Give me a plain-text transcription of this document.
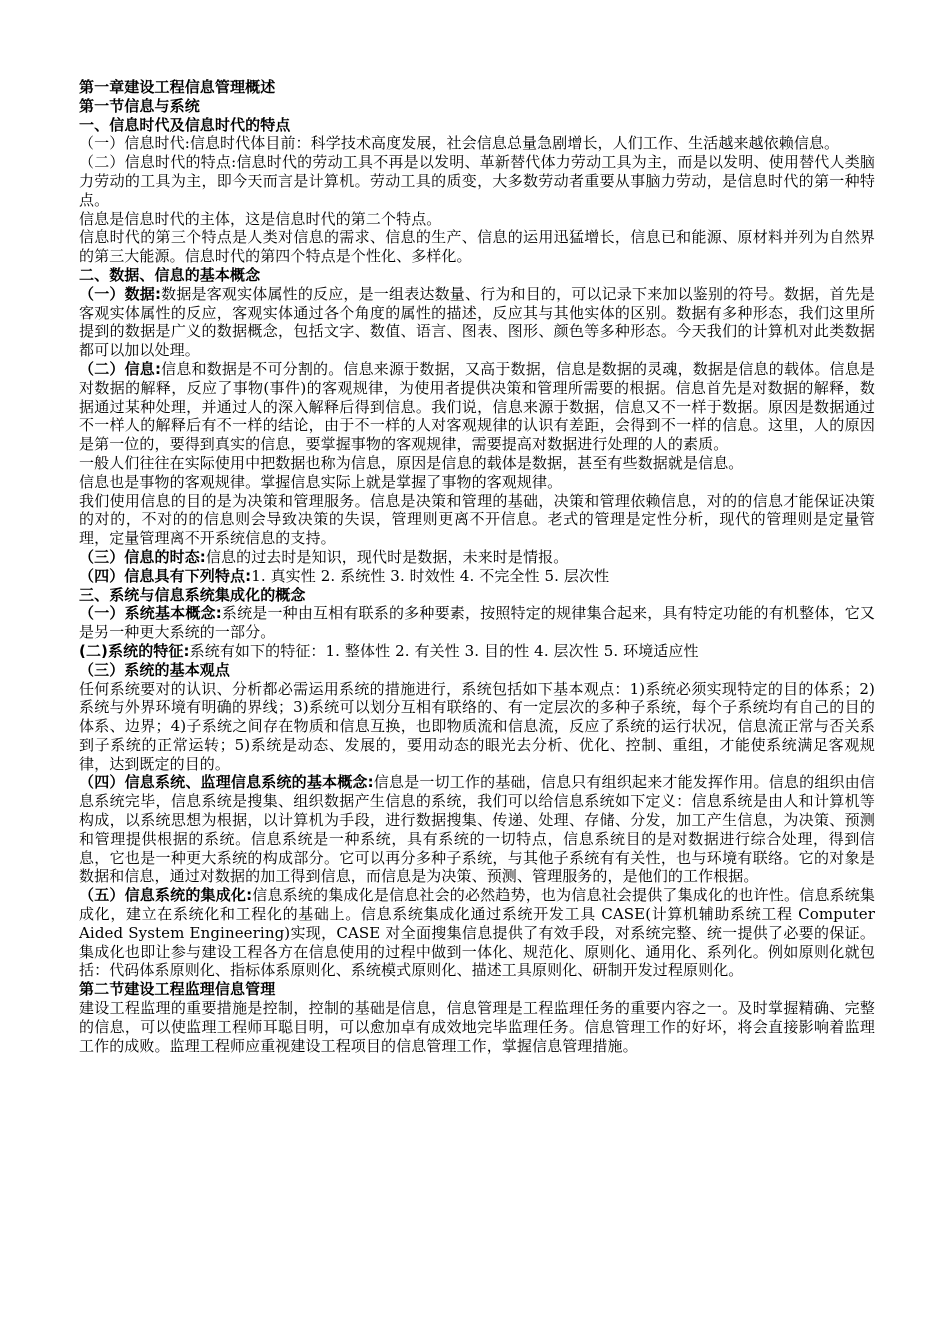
第一章建设工程信息管理概述

第一节信息与系统

一、信息时代及信息时代的特点

（一）信息时代:信息时代体目前：科学技术高度发展，社会信息总量急剧增长，人们工作、生活越来越依赖信息。

（二）信息时代的特点:信息时代的劳动工具不再是以发明、革新替代体力劳动工具为主，而是以发明、使用替代人类脑力劳动的工具为主，即今天而言是计算机。劳动工具的质变，大多数劳动者重要从事脑力劳动，是信息时代的第一种特点。

信息是信息时代的主体，这是信息时代的第二个特点。

信息时代的第三个特点是人类对信息的需求、信息的生产、信息的运用迅猛增长，信息已和能源、原材料并列为自然界的第三大能源。信息时代的第四个特点是个性化、多样化。

二、数据、信息的基本概念

（一）数据:数据是客观实体属性的反应，是一组表达数量、行为和目的，可以记录下来加以鉴别的符号。数据，首先是客观实体属性的反应，客观实体通过各个角度的属性的描述，反应其与其他实体的区别。数据有多种形态，我们这里所提到的数据是广义的数据概念，包括文字、数值、语言、图表、图形、颜色等多种形态。今天我们的计算机对此类数据都可以加以处理。

（二）信息:信息和数据是不可分割的。信息来源于数据，又高于数据，信息是数据的灵魂，数据是信息的载体。信息是对数据的解释，反应了事物(事件)的客观规律，为使用者提供决策和管理所需要的根据。信息首先是对数据的解释，数据通过某种处理，并通过人的深入解释后得到信息。我们说，信息来源于数据，信息又不一样于数据。原因是数据通过不一样人的解释后有不一样的结论，由于不一样的人对客观规律的认识有差距，会得到不一样的信息。这里，人的原因是第一位的，要得到真实的信息，要掌握事物的客观规律，需要提高对数据进行处理的人的素质。

一般人们往往在实际使用中把数据也称为信息，原因是信息的载体是数据，甚至有些数据就是信息。

信息也是事物的客观规律。掌握信息实际上就是掌握了事物的客观规律。

我们使用信息的目的是为决策和管理服务。信息是决策和管理的基础，决策和管理依赖信息，对的的信息才能保证决策的对的，不对的的信息则会导致决策的失误，管理则更离不开信息。老式的管理是定性分析，现代的管理则是定量管理，定量管理离不开系统信息的支持。

（三）信息的时态:信息的过去时是知识，现代时是数据，未来时是情报。

（四）信息具有下列特点:1. 真实性 2. 系统性 3. 时效性 4. 不完全性 5. 层次性

三、系统与信息系统集成化的概念

（一）系统基本概念:系统是一种由互相有联系的多种要素，按照特定的规律集合起来，具有特定功能的有机整体，它又是另一种更大系统的一部分。

(二)系统的特征:系统有如下的特征：1. 整体性 2. 有关性 3. 目的性 4. 层次性 5. 环境适应性

（三）系统的基本观点

任何系统要对的认识、分析都必需运用系统的措施进行，系统包括如下基本观点：1)系统必须实现特定的目的体系；2)系统与外界环境有明确的界线；3)系统可以划分互相有联络的、有一定层次的多种子系统，每个子系统均有自己的目的体系、边界；4)子系统之间存在物质和信息互换，也即物质流和信息流，反应了系统的运行状况，信息流正常与否关系到子系统的正常运转；5)系统是动态、发展的，要用动态的眼光去分析、优化、控制、重组，才能使系统满足客观规律，达到既定的目的。

（四）信息系统、监理信息系统的基本概念:信息是一切工作的基础，信息只有组织起来才能发挥作用。信息的组织由信息系统完毕，信息系统是搜集、组织数据产生信息的系统，我们可以给信息系统如下定义：信息系统是由人和计算机等构成，以系统思想为根据，以计算机为手段，进行数据搜集、传递、处理、存储、分发，加工产生信息，为决策、预测和管理提供根据的系统。信息系统是一种系统，具有系统的一切特点，信息系统目的是对数据进行综合处理，得到信息，它也是一种更大系统的构成部分。它可以再分多种子系统，与其他子系统有有关性，也与环境有联络。它的对象是数据和信息，通过对数据的加工得到信息，而信息是为决策、预测、管理服务的，是他们的工作根据。

（五）信息系统的集成化:信息系统的集成化是信息社会的必然趋势，也为信息社会提供了集成化的也许性。信息系统集成化，建立在系统化和工程化的基础上。信息系统集成化通过系统开发工具 CASE(计算机辅助系统工程 Computer Aided System Engineering)实现，CASE 对全面搜集信息提供了有效手段，对系统完整、统一提供了必要的保证。集成化也即让参与建设工程各方在信息使用的过程中做到一体化、规范化、原则化、通用化、系列化。例如原则化就包括：代码体系原则化、指标体系原则化、系统模式原则化、描述工具原则化、研制开发过程原则化。

第二节建设工程监理信息管理

建设工程监理的重要措施是控制，控制的基础是信息，信息管理是工程监理任务的重要内容之一。及时掌握精确、完整的信息，可以使监理工程师耳聪目明，可以愈加卓有成效地完毕监理任务。信息管理工作的好坏，将会直接影响着监理工作的成败。监理工程师应重视建设工程项目的信息管理工作，掌握信息管理措施。
